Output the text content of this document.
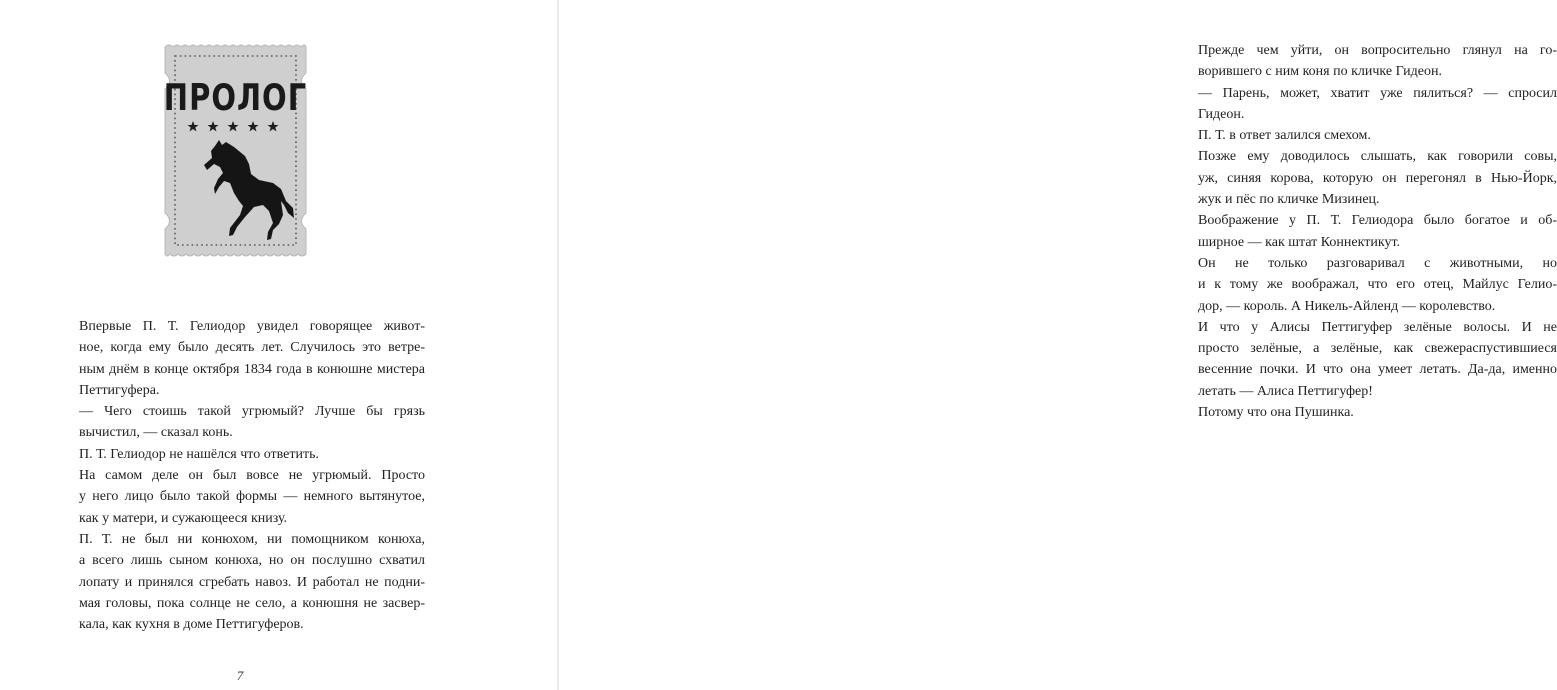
ПРОЛОГ

Впервые П. Т. Гелиодор увидел говорящее живот-
ное, когда ему было десять лет. Случилось это ветре-
ным днём в конце октября 1834 года в конюшне мистера
Петтигуфера.

— Чего стоишь такой угрюмый? Лучше бы грязь
вычистил, — сказал конь.

П. Т. Гелиодор не нашёлся что ответить.

На самом деле он был вовсе не угрюмый. Просто
у него лицо было такой формы — немного вытянутое,
как у матери, и сужающееся книзу.

П. Т. не был ни конюхом, ни помощником конюха,
а всего лишь сыном конюха, но он послушно схватил
лопату и принялся сгребать навоз. И работал не подни-
мая головы, пока солнце не село, а конюшня не засвер-
кала, как кухня в доме Петтигуферов.

7

Прежде чем уйти, он вопросительно глянул на го-
ворившего с ним коня по кличке Гидеон.

— Парень, может, хватит уже пялиться? — спросил
Гидеон.

П. Т. в ответ залился смехом.

Позже ему доводилось слышать, как говорили совы,
уж, синяя корова, которую он перегонял в Нью-Йорк,
жук и пёс по кличке Мизинец.

Воображение у П. Т. Гелиодора было богатое и об-
ширное — как штат Коннектикут.

Он не только разговаривал с животными, но
и к тому же воображал, что его отец, Майлус Гелио-
дор, — король. А Никель-Айленд — королевство.

И что у Алисы Петтигуфер зелёные волосы. И не
просто зелёные, а зелёные, как свежераспустившиеся
весенние почки. И что она умеет летать. Да-да, именно
летать — Алиса Петтигуфер!

Потому что она Пушинка.
